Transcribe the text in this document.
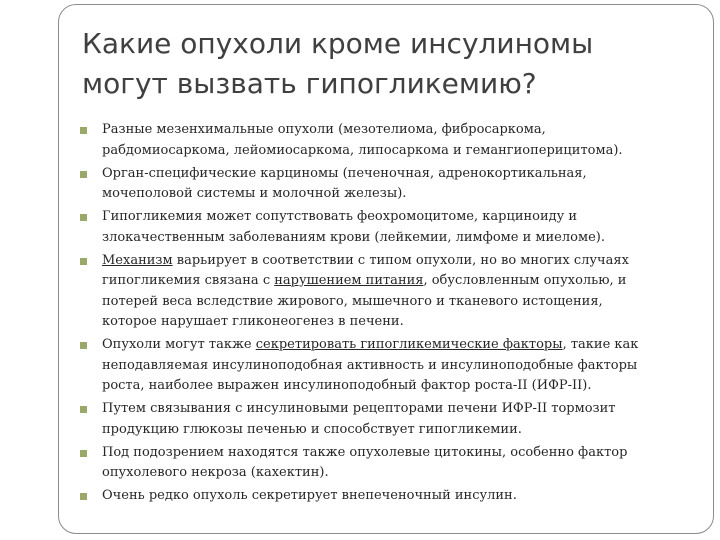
Какие опухоли кроме инсулиномы
могут вызвать гипогликемию?
Разные мезенхимальные опухоли (мезотелиома, фибросаркома,
рабдомиосаркома, лейомиосаркома, липосаркома и гемангиоперицитома).
Орган-специфические карциномы (печеночная, адренокортикальная,
мочеполовой системы и молочной железы).
Гипогликемия может сопутствовать феохромоцитоме, карциноиду и
злокачественным заболеваниям крови (лейкемии, лимфоме и миеломе).
Механизм варьирует в соответствии с типом опухоли, но во многих случаях
гипогликемия связана с нарушением питания, обусловленным опухолью, и
потерей веса вследствие жирового, мышечного и тканевого истощения,
которое нарушает гликонеогенез в печени.
Опухоли могут также секретировать гипогликемические факторы, такие как
неподавляемая инсулиноподобная активность и инсулиноподобные факторы
роста, наиболее выражен инсулиноподобный фактор роста-II (ИФР-II).
Путем связывания с инсулиновыми рецепторами печени ИФР-II тормозит
продукцию глюкозы печенью и способствует гипогликемии.
Под подозрением находятся также опухолевые цитокины, особенно фактор
опухолевого некроза (кахектин).
Очень редко опухоль секретирует внепеченочный инсулин.
